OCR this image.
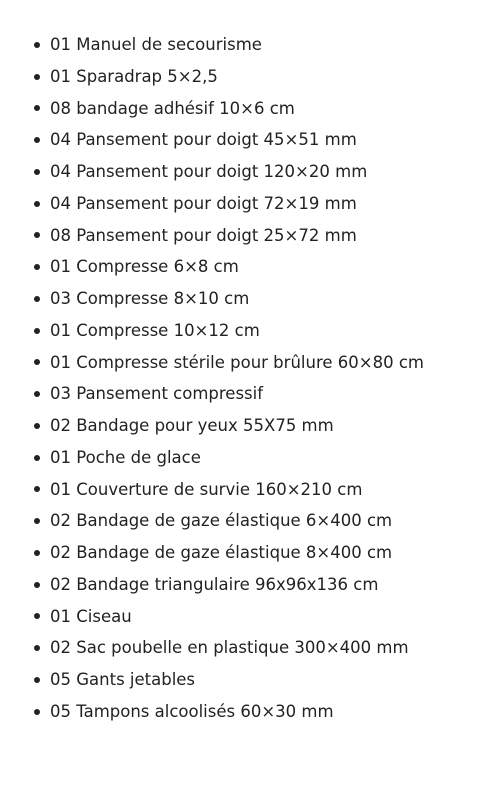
01 Manuel de secourisme
01 Sparadrap 5×2,5
08 bandage adhésif 10×6 cm
04 Pansement pour doigt 45×51 mm
04 Pansement pour doigt 120×20 mm
04 Pansement pour doigt 72×19 mm
08 Pansement pour doigt 25×72 mm
01 Compresse 6×8 cm
03 Compresse 8×10 cm
01 Compresse 10×12 cm
01 Compresse stérile pour brûlure 60×80 cm
03 Pansement compressif
02 Bandage pour yeux 55X75 mm
01 Poche de glace
01 Couverture de survie 160×210 cm
02 Bandage de gaze élastique 6×400 cm
02 Bandage de gaze élastique 8×400 cm
02 Bandage triangulaire 96x96x136 cm
01 Ciseau
02 Sac poubelle en plastique 300×400 mm
05 Gants jetables
05 Tampons alcoolisés 60×30 mm
